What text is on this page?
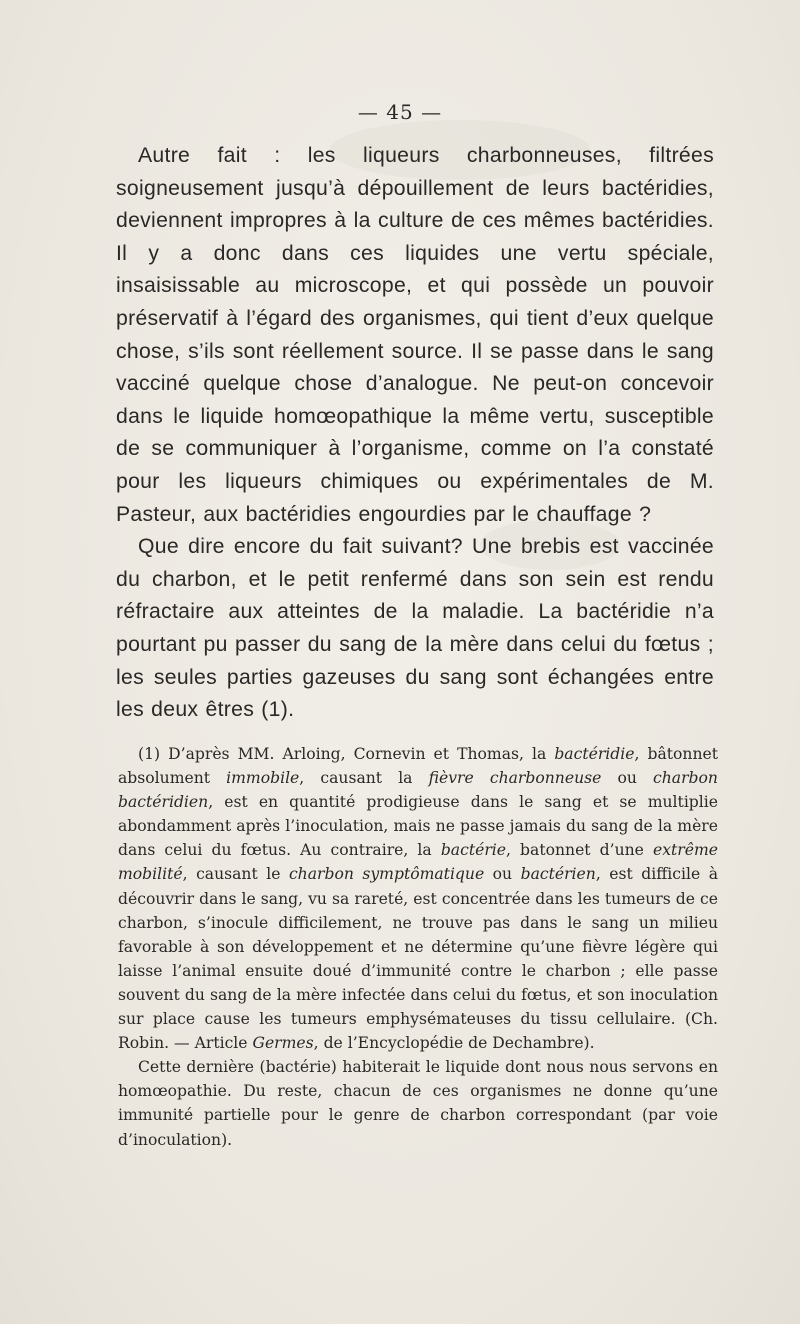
— 45 —

Autre fait : les liqueurs charbonneuses, filtrées soigneusement jusqu’à dépouillement de leurs bactéridies, deviennent impropres à la culture de ces mêmes bactéridies. Il y a donc dans ces liquides une vertu spéciale, insaisissable au microscope, et qui possède un pouvoir préservatif à l’égard des organismes, qui tient d’eux quelque chose, s’ils sont réellement source. Il se passe dans le sang vacciné quelque chose d’analogue. Ne peut-on concevoir dans le liquide homœopathique la même vertu, susceptible de se communiquer à l’organisme, comme on l’a constaté pour les liqueurs chimiques ou expérimentales de M. Pasteur, aux bactéridies engourdies par le chauffage ?

Que dire encore du fait suivant? Une brebis est vaccinée du charbon, et le petit renfermé dans son sein est rendu réfractaire aux atteintes de la maladie. La bactéridie n’a pourtant pu passer du sang de la mère dans celui du fœtus ; les seules parties gazeuses du sang sont échangées entre les deux êtres (1).

(1) D’après MM. Arloing, Cornevin et Thomas, la bactéridie, bâtonnet absolument immobile, causant la fièvre charbonneuse ou charbon bactéridien, est en quantité prodigieuse dans le sang et se multiplie abondamment après l’inoculation, mais ne passe jamais du sang de la mère dans celui du fœtus. Au contraire, la bactérie, batonnet d’une extrême mobilité, causant le charbon symptômatique ou bactérien, est difficile à découvrir dans le sang, vu sa rareté, est concentrée dans les tumeurs de ce charbon, s’inocule difficilement, ne trouve pas dans le sang un milieu favorable à son développement et ne détermine qu’une fièvre légère qui laisse l’animal ensuite doué d’immunité contre le charbon ; elle passe souvent du sang de la mère infectée dans celui du fœtus, et son inoculation sur place cause les tumeurs emphysémateuses du tissu cellulaire. (Ch. Robin. — Article Germes, de l’Encyclopédie de Dechambre).

Cette dernière (bactérie) habiterait le liquide dont nous nous servons en homœopathie. Du reste, chacun de ces organismes ne donne qu’une immunité partielle pour le genre de charbon correspondant (par voie d’inoculation).
